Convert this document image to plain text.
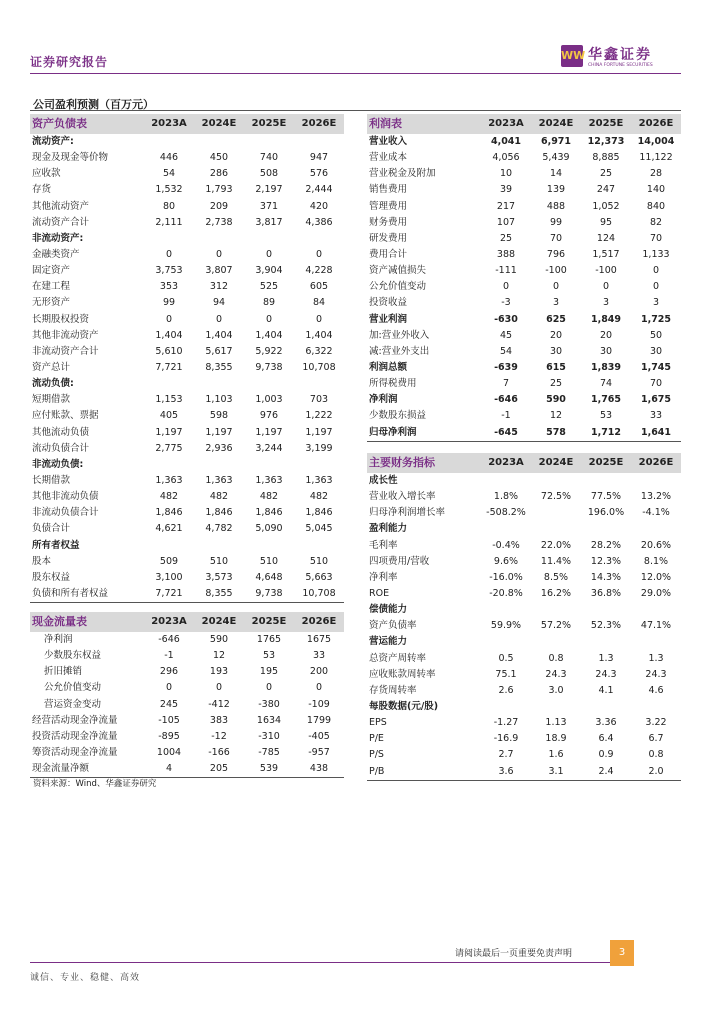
证券研究报告	WW 华鑫证券
CHINA FORTUNE SECURITIES
公司盈利预测（百万元）
资产负债表	2023A	2024E	2025E	2026E
流动资产:				
现金及现金等价物	446	450	740	947
应收款	54	286	508	576
存货	1,532	1,793	2,197	2,444
其他流动资产	80	209	371	420
流动资产合计	2,111	2,738	3,817	4,386
非流动资产:				
金融类资产	0	0	0	0
固定资产	3,753	3,807	3,904	4,228
在建工程	353	312	525	605
无形资产	99	94	89	84
长期股权投资	0	0	0	0
其他非流动资产	1,404	1,404	1,404	1,404
非流动资产合计	5,610	5,617	5,922	6,322
资产总计	7,721	8,355	9,738	10,708
流动负债:				
短期借款	1,153	1,103	1,003	703
应付账款、票据	405	598	976	1,222
其他流动负债	1,197	1,197	1,197	1,197
流动负债合计	2,775	2,936	3,244	3,199
非流动负债:				
长期借款	1,363	1,363	1,363	1,363
其他非流动负债	482	482	482	482
非流动负债合计	1,846	1,846	1,846	1,846
负债合计	4,621	4,782	5,090	5,045
所有者权益				
股本	509	510	510	510
股东权益	3,100	3,573	4,648	5,663
负债和所有者权益	7,721	8,355	9,738	10,708
利润表	2023A	2024E	2025E	2026E
营业收入	4,041	6,971	12,373	14,004
营业成本	4,056	5,439	8,885	11,122
营业税金及附加	10	14	25	28
销售费用	39	139	247	140
管理费用	217	488	1,052	840
财务费用	107	99	95	82
研发费用	25	70	124	70
费用合计	388	796	1,517	1,133
资产减值损失	-111	-100	-100	0
公允价值变动	0	0	0	0
投资收益	-3	3	3	3
营业利润	-630	625	1,849	1,725
加:营业外收入	45	20	20	50
减:营业外支出	54	30	30	30
利润总额	-639	615	1,839	1,745
所得税费用	7	25	74	70
净利润	-646	590	1,765	1,675
少数股东损益	-1	12	53	33
归母净利润	-645	578	1,712	1,641
主要财务指标	2023A	2024E	2025E	2026E
成长性				
营业收入增长率	1.8%	72.5%	77.5%	13.2%
归母净利润增长率	-508.2%		196.0%	-4.1%
盈利能力				
毛利率	-0.4%	22.0%	28.2%	20.6%
四项费用/营收	9.6%	11.4%	12.3%	8.1%
净利率	-16.0%	8.5%	14.3%	12.0%
ROE	-20.8%	16.2%	36.8%	29.0%
偿债能力				
资产负债率	59.9%	57.2%	52.3%	47.1%
营运能力				
总资产周转率	0.5	0.8	1.3	1.3
应收账款周转率	75.1	24.3	24.3	24.3
存货周转率	2.6	3.0	4.1	4.6
每股数据(元/股)				
EPS	-1.27	1.13	3.36	3.22
P/E	-16.9	18.9	6.4	6.7
P/S	2.7	1.6	0.9	0.8
P/B	3.6	3.1	2.4	2.0
现金流量表	2023A	2024E	2025E	2026E
净利润	-646	590	1765	1675
少数股东权益	-1	12	53	33
折旧摊销	296	193	195	200
公允价值变动	0	0	0	0
营运资金变动	245	-412	-380	-109
经营活动现金净流量	-105	383	1634	1799
投资活动现金净流量	-895	-12	-310	-405
筹资活动现金净流量	1004	-166	-785	-957
现金流量净额	4	205	539	438
资料来源：Wind、华鑫证券研究
请阅读最后一页重要免责声明	3
诚信、专业、稳健、高效
